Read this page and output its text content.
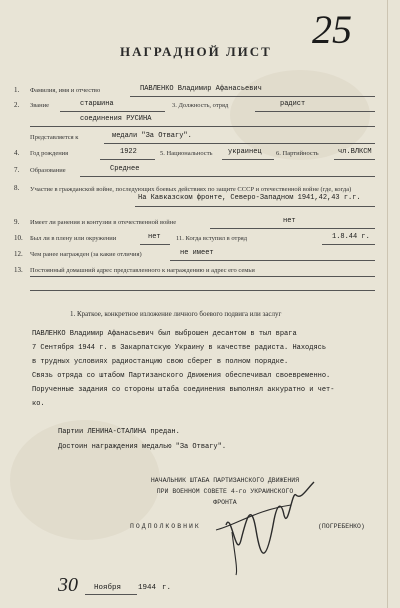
25
НАГРАДНОЙ ЛИСТ
1. Фамилия, имя и отчество	ПАВЛЕНКО Владимир Афанасьевич
2. Звание	старшина	3. Должность, отряд	радист
соединения РУСИНА
Представляется к	медали "За Отвагу".
4. Год рождения	1922	5. Национальность украинец 6. Партийность	чл.ВЛКСМ
7. Образование	Среднее
8. Участие в гражданской войне, последующих боевых действиях по защите СССР и отечественной войне (где, когда)
На Кавказском фронте, Северо-Западном 1941,42,43 г.г.
9. Имеет ли ранения и контузии в отечественной войне	нет
10. Был ли в плену или окружении	нет 11. Когда вступил в отряд	1.8.44 г.
12. Чем ранее награжден (за какие отличия)	не имеет
13. Постоянный домашний адрес представленного к награждению и адрес его семьи
1. Краткое, конкретное изложение личного боевого подвига или заслуг
ПАВЛЕНКО Владимир Афанасьевич был выброшен десантом в тыл врага
7 Сентября 1944 г. в Закарпатскую Украину в качестве радиста. Находясь
в трудных условиях радиостанцию свою сберег в полном порядке.
Связь отряда со штабом Партизанского Движения обеспечивал своевременно.
Порученные задания со стороны штаба соединения выполнял аккуратно и чет-
ко.
Партии ЛЕНИНА-СТАЛИНА предан.
Достоин награждения медалью "За Отвагу".
НАЧАЛЬНИК ШТАБА ПАРТИЗАНСКОГО ДВИЖЕНИЯ
ПРИ ВОЕННОМ СОВЕТЕ 4-го УКРАИНСКОГО
ФРОНТА
ПОДПОЛКОВНИК	(ПОГРЕБЕНКО)
30 Ноября 1944 г.
